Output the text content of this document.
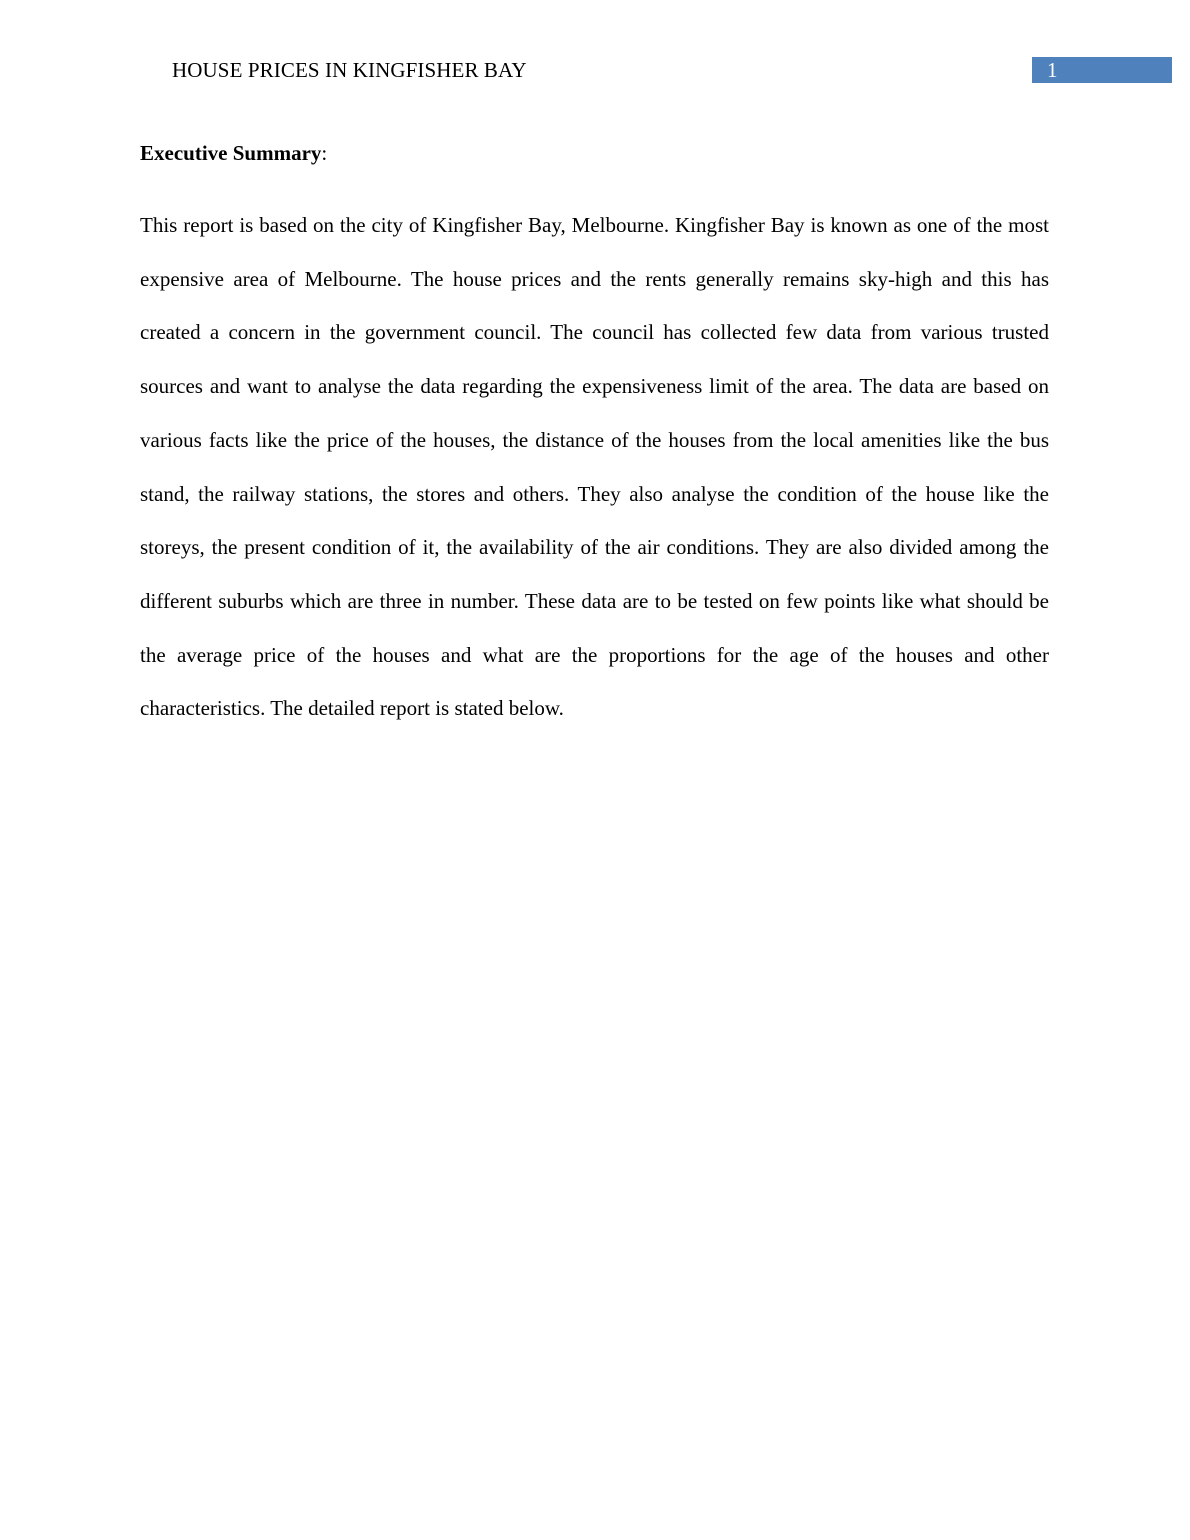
HOUSE PRICES IN KINGFISHER BAY	1
Executive Summary:

This report is based on the city of Kingfisher Bay, Melbourne. Kingfisher Bay is known as one of the most expensive area of Melbourne. The house prices and the rents generally remains sky-high and this has created a concern in the government council. The council has collected few data from various trusted sources and want to analyse the data regarding the expensiveness limit of the area. The data are based on various facts like the price of the houses, the distance of the houses from the local amenities like the bus stand, the railway stations, the stores and others. They also analyse the condition of the house like the storeys, the present condition of it, the availability of the air conditions. They are also divided among the different suburbs which are three in number. These data are to be tested on few points like what should be the average price of the houses and what are the proportions for the age of the houses and other characteristics. The detailed report is stated below.
